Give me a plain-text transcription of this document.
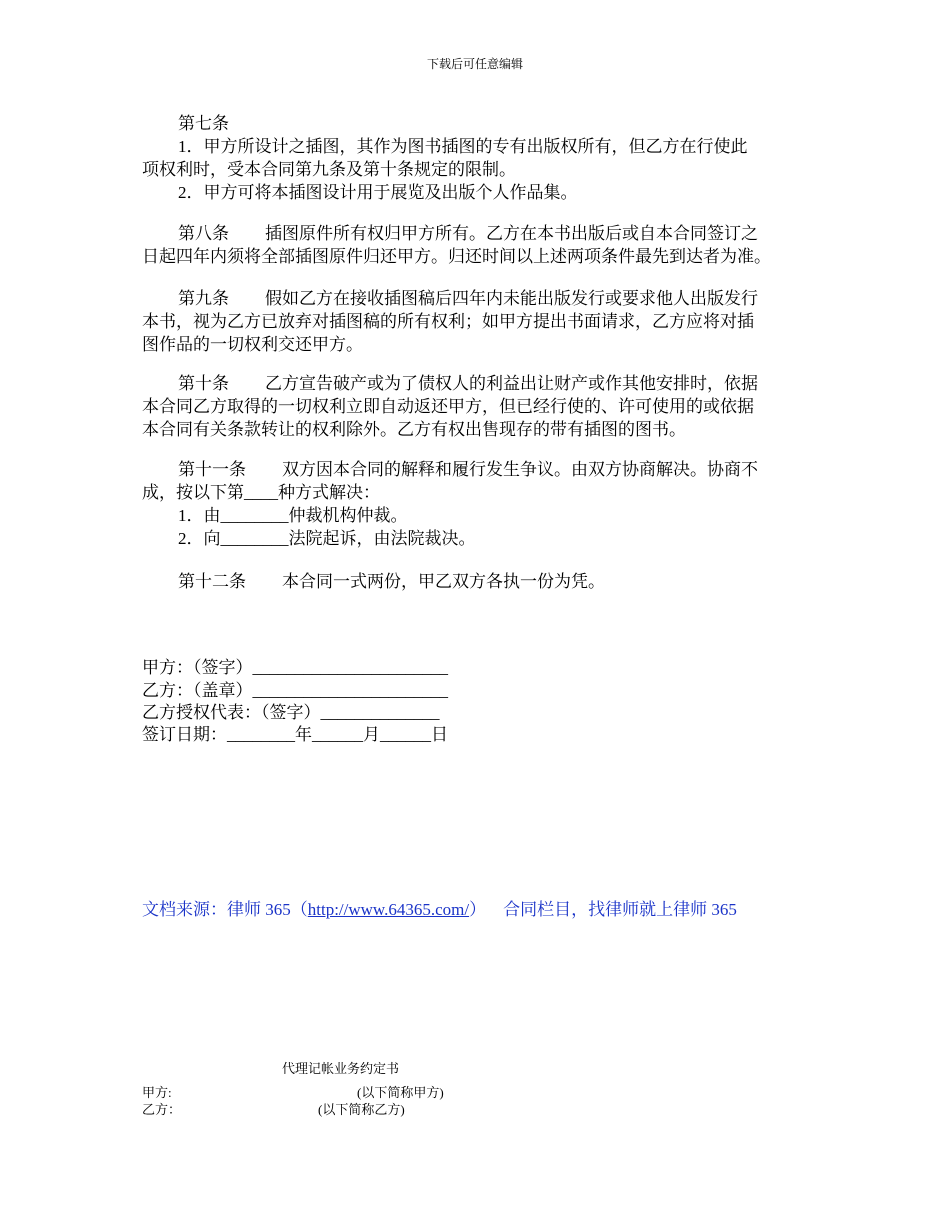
下载后可任意编辑
第七条
1．甲方所设计之插图，其作为图书插图的专有出版权所有，但乙方在行使此
项权利时，受本合同第九条及第十条规定的限制。
2．甲方可将本插图设计用于展览及出版个人作品集。
第八条 插图原件所有权归甲方所有。乙方在本书出版后或自本合同签订之
日起四年内须将全部插图原件归还甲方。归还时间以上述两项条件最先到达者为准。
第九条 假如乙方在接收插图稿后四年内未能出版发行或要求他人出版发行
本书，视为乙方已放弃对插图稿的所有权利；如甲方提出书面请求，乙方应将对插
图作品的一切权利交还甲方。
第十条 乙方宣告破产或为了债权人的利益出让财产或作其他安排时，依据
本合同乙方取得的一切权利立即自动返还甲方，但已经行使的、许可使用的或依据
本合同有关条款转让的权利除外。乙方有权出售现存的带有插图的图书。
第十一条 双方因本合同的解释和履行发生争议。由双方协商解决。协商不
成，按以下第____种方式解决：
1．由________仲裁机构仲裁。
2．向________法院起诉，由法院裁决。
第十二条 本合同一式两份，甲乙双方各执一份为凭。
甲方：（签字）_______________________
乙方：（盖章）_______________________
乙方授权代表：（签字）______________
签订日期：________年______月______日
文档来源：律师 365（http://www.64365.com/）    合同栏目，找律师就上律师 365
代理记帐业务约定书
甲方:	(以下简称甲方)
乙方：	(以下简称乙方)
